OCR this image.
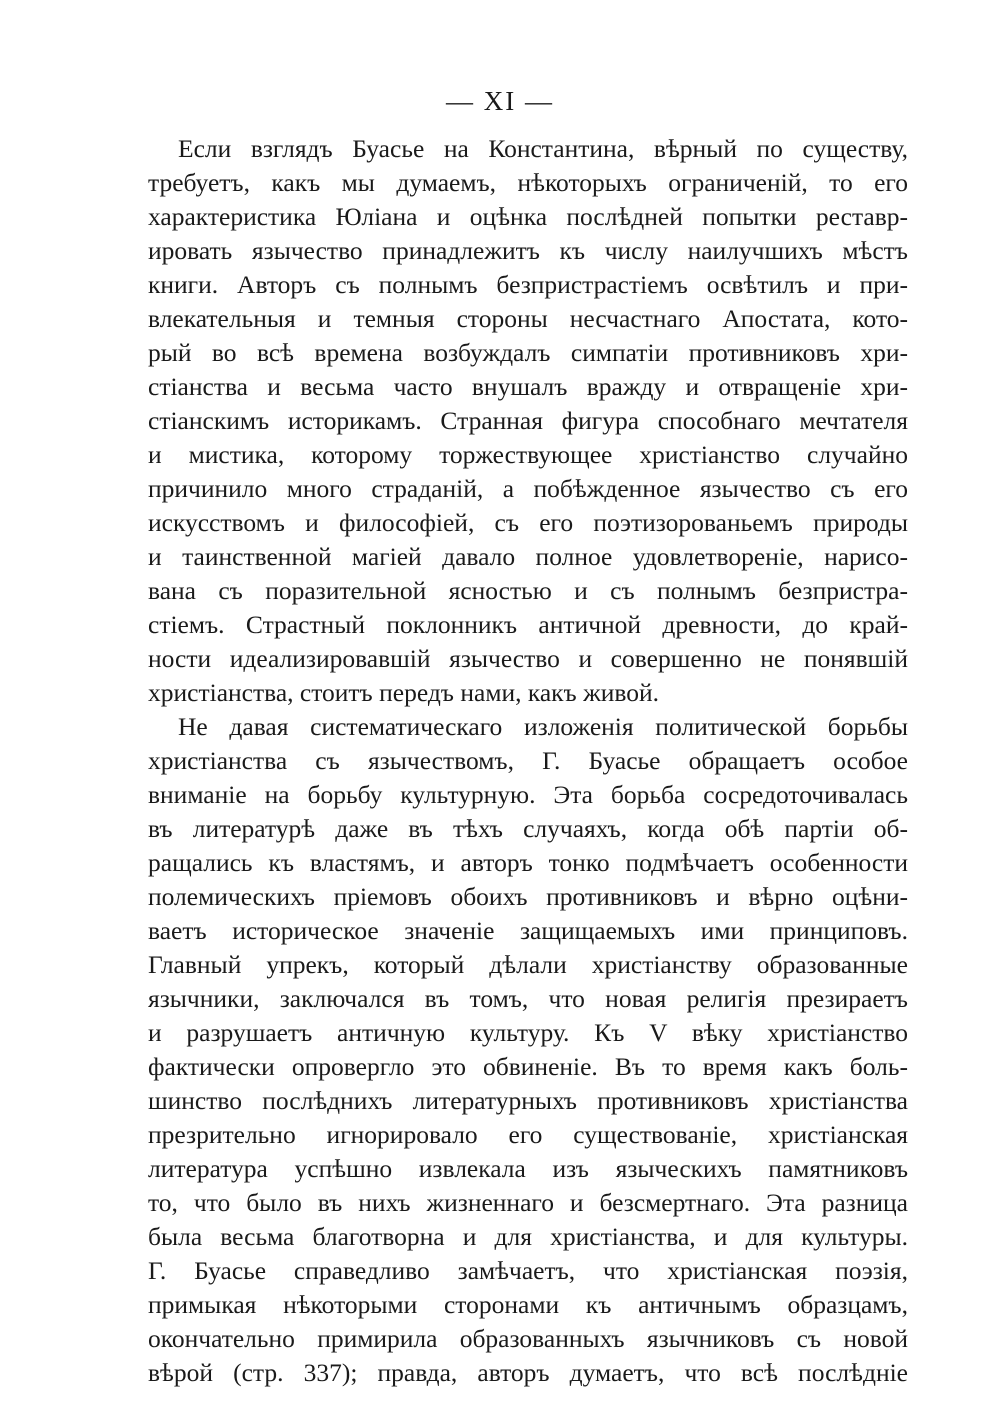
— XI —
Если взглядъ Буасье на Константина, вѣрный по существу,
требуетъ, какъ мы думаемъ, нѣкоторыхъ ограниченій, то его
характеристика Юліана и оцѣнка послѣдней попытки реставр-
ировать язычество принадлежитъ къ числу наилучшихъ мѣстъ
книги. Авторъ съ полнымъ безпристрастіемъ освѣтилъ и при-
влекательныя и темныя стороны несчастнаго Апостата, кото-
рый во всѣ времена возбуждалъ симпатіи противниковъ хри-
стіанства и весьма часто внушалъ вражду и отвращеніе хри-
стіанскимъ историкамъ. Странная фигура способнаго мечтателя
и мистика, которому торжествующее христіанство случайно
причинило много страданій, а побѣжденное язычество съ его
искусствомъ и философіей, съ его поэтизорованьемъ природы
и таинственной магіей давало полное удовлетвореніе, нарисо-
вана съ поразительной ясностью и съ полнымъ безпристра-
стіемъ. Страстный поклонникъ античной древности, до край-
ности идеализировавшій язычество и совершенно не понявшій
христіанства, стоитъ передъ нами, какъ живой.
Не давая систематическаго изложенія политической борьбы
христіанства съ язычествомъ, Г. Буасье обращаетъ особое
вниманіе на борьбу культурную. Эта борьба сосредоточивалась
въ литературѣ даже въ тѣхъ случаяхъ, когда обѣ партіи об-
ращались къ властямъ, и авторъ тонко подмѣчаетъ особенности
полемическихъ пріемовъ обоихъ противниковъ и вѣрно оцѣни-
ваетъ историческое значеніе защищаемыхъ ими принциповъ.
Главный упрекъ, который дѣлали христіанству образованные
язычники, заключался въ томъ, что новая религія презираетъ
и разрушаетъ античную культуру. Къ V вѣку христіанство
фактически опровергло это обвиненіе. Въ то время какъ боль-
шинство послѣднихъ литературныхъ противниковъ христіанства
презрительно игнорировало его существованіе, христіанская
литература успѣшно извлекала изъ языческихъ памятниковъ
то, что было въ нихъ жизненнаго и безсмертнаго. Эта разница
была весьма благотворна и для христіанства, и для культуры.
Г. Буасье справедливо замѣчаетъ, что христіанская поэзія,
примыкая нѣкоторыми сторонами къ античнымъ образцамъ,
окончательно примирила образованныхъ язычниковъ съ новой
вѣрой (стр. 337); правда, авторъ думаетъ, что всѣ послѣдніе
